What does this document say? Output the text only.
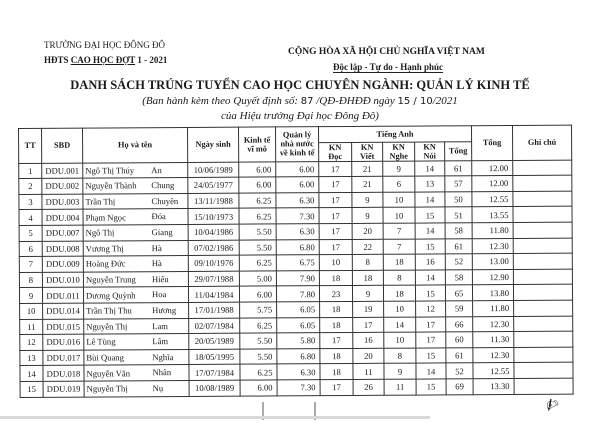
TRƯỜNG ĐẠI HỌC ĐÔNG ĐÔ
HĐTS CAO HỌC ĐỢT 1 - 2021
CỘNG HÒA XÃ HỘI CHỦ NGHĨA VIỆT NAM
Độc lập - Tự do - Hạnh phúc
DANH SÁCH TRÚNG TUYỂN CAO HỌC CHUYÊN NGÀNH: QUẢN LÝ KINH TẾ
(Ban hành kèm theo Quyết định số: 87 /QĐ-ĐHĐĐ ngày 15 / 10/2021
của Hiệu trưởng Đại học Đông Đô)
TT	SBD	Họ và tên	Ngày sinh	Kinh tế vĩ mô	Quản lý nhà nước về kinh tế	Tiếng Anh					Tổng	Ghi chú
						KN Đọc	KN Viết	KN Nghe	KN Nói	Tổng		
1	DDU.001	Ngô Thị Thúy An	10/06/1989	6.00	6.00	17	21	9	14	61	12.00	
2	DDU.002	Nguyễn Thành Chung	24/05/1977	6.00	6.00	17	21	6	13	57	12.00	
3	DDU.003	Trần Thị Chuyên	13/11/1988	6.25	6.30	17	9	10	14	50	12.55	
4	DDU.004	Phạm Ngọc Đóa	15/10/1973	6.25	7.30	17	9	10	15	51	13.55	
5	DDU.007	Ngô Thị Giang	10/04/1986	5.50	6.30	17	20	7	14	58	11.80	
6	DDU.008	Vương Thị Hà	07/02/1986	5.50	6.80	17	22	7	15	61	12.30	
7	DDU.009	Hoàng Đức Hà	09/10/1976	6.25	6.75	10	8	18	16	52	13.00	
8	DDU.010	Nguyễn Trung Hiếu	29/07/1988	5.00	7.90	18	18	8	14	58	12.90	
9	DDU.011	Dương Quỳnh Hoa	11/04/1984	6.00	7.80	23	9	18	15	65	13.80	
10	DDU.014	Trần Thị Thu Hương	17/01/1988	5.75	6.05	18	19	10	12	59	11.80	
11	DDU.015	Nguyễn Thị Lam	02/07/1984	6.25	6.05	18	17	14	17	66	12.30	
12	DDU.016	Lê Tùng Lâm	20/05/1989	5.50	5.80	17	16	10	17	60	11.30	
13	DDU.017	Bùi Quang Nghĩa	18/05/1995	5.50	6.80	18	20	8	15	61	12.30	
14	DDU.018	Nguyễn Văn Nhân	17/07/1984	6.25	6.30	18	11	9	14	52	12.55	
15	DDU.019	Nguyễn Thị Nụ	10/08/1989	6.00	7.30	17	26	11	15	69	13.30	
✍
